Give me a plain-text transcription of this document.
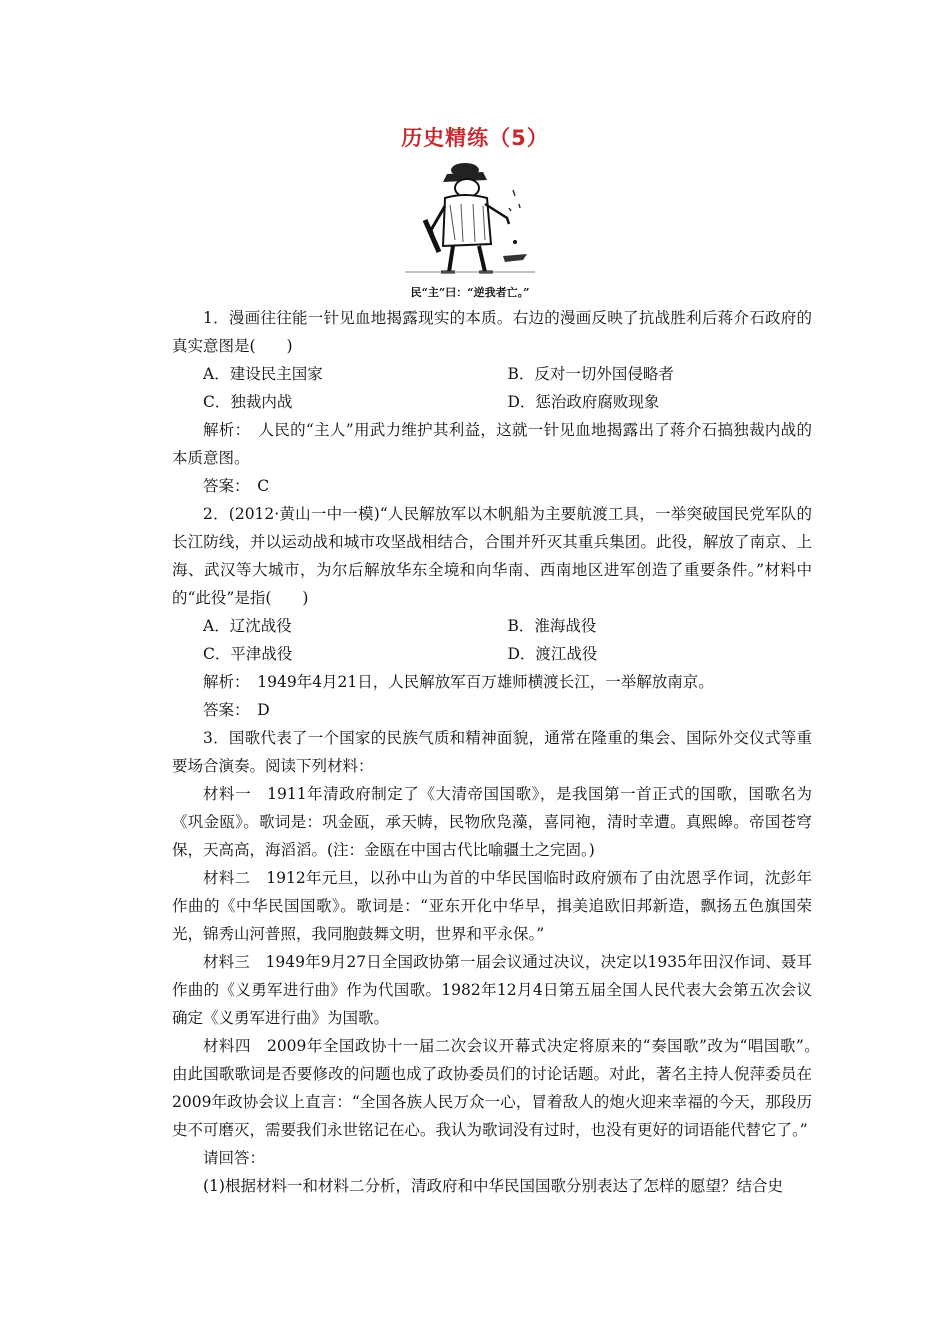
历史精练（5）
民“主”曰：“逆我者亡。”

1．漫画往往能一针见血地揭露现实的本质。右边的漫画反映了抗战胜利后蒋介石政府的真实意图是(　　)

A．建设民主国家	B．反对一切外国侵略者
C．独裁内战	D．惩治政府腐败现象

解析：　人民的“主人”用武力维护其利益，这就一针见血地揭露出了蒋介石搞独裁内战的本质意图。

答案：　C

2．(2012·黄山一中一模)“人民解放军以木帆船为主要航渡工具，一举突破国民党军队的长江防线，并以运动战和城市攻坚战相结合，合围并歼灭其重兵集团。此役，解放了南京、上海、武汉等大城市，为尔后解放华东全境和向华南、西南地区进军创造了重要条件。”材料中的“此役”是指(　　)

A．辽沈战役	B．淮海战役
C．平津战役	D．渡江战役

解析：　1949年4月21日，人民解放军百万雄师横渡长江，一举解放南京。

答案：　D

3．国歌代表了一个国家的民族气质和精神面貌，通常在隆重的集会、国际外交仪式等重要场合演奏。阅读下列材料：

材料一　1911年清政府制定了《大清帝国国歌》，是我国第一首正式的国歌，国歌名为《巩金瓯》。歌词是：巩金瓯，承天帱，民物欣凫藻，喜同袍，清时幸遭。真熙皞。帝国苍穹保，天高高，海滔滔。(注：金瓯在中国古代比喻疆土之完固。)

材料二　1912年元旦，以孙中山为首的中华民国临时政府颁布了由沈恩孚作词，沈彭年作曲的《中华民国国歌》。歌词是：“亚东开化中华早，揖美追欧旧邦新造，飘扬五色旗国荣光，锦秀山河普照，我同胞鼓舞文明，世界和平永保。”

材料三　1949年9月27日全国政协第一届会议通过决议，决定以1935年田汉作词、聂耳作曲的《义勇军进行曲》作为代国歌。1982年12月4日第五届全国人民代表大会第五次会议确定《义勇军进行曲》为国歌。

材料四　2009年全国政协十一届二次会议开幕式决定将原来的“奏国歌”改为“唱国歌”。　由此国歌歌词是否要修改的问题也成了政协委员们的讨论话题。对此，著名主持人倪萍委员在2009年政协会议上直言：“全国各族人民万众一心，冒着敌人的炮火迎来幸福的今天，那段历史不可磨灭，需要我们永世铭记在心。我认为歌词没有过时，也没有更好的词语能代替它了。”

请回答：

(1)根据材料一和材料二分析，清政府和中华民国国歌分别表达了怎样的愿望？结合史
